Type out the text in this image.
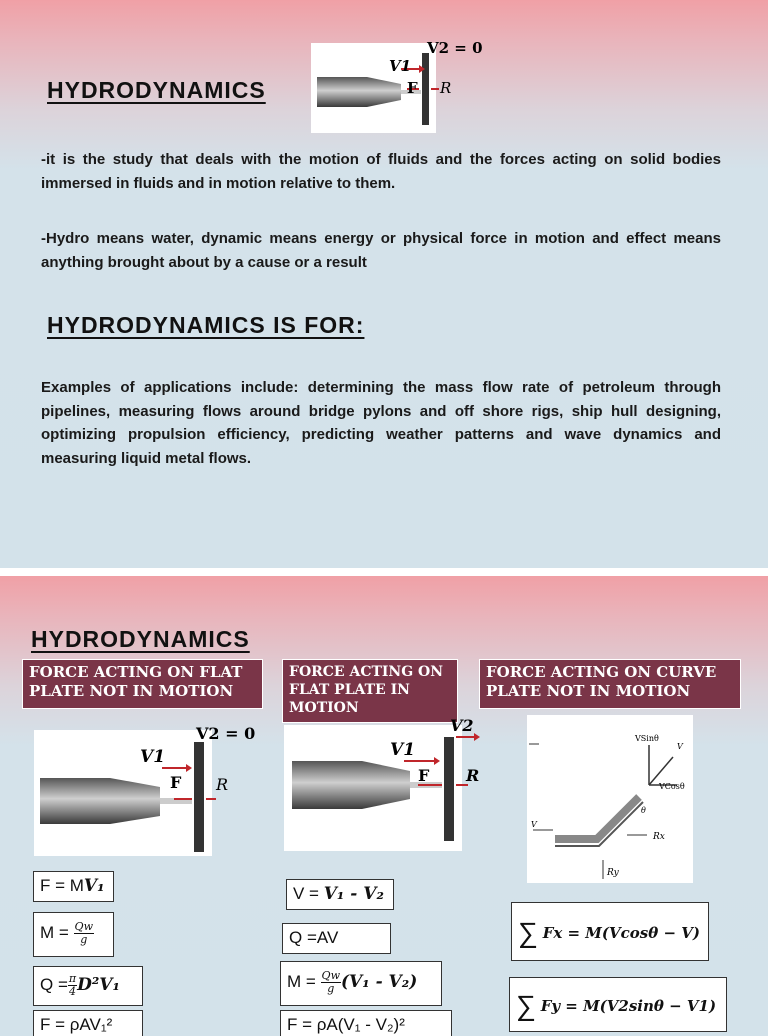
HYDRODYNAMICS
V1
V2 = 0
F R
-it is the study that deals with the motion of fluids and the forces acting on solid bodies immersed in fluids and in motion relative to them.
-Hydro means water, dynamic means energy or physical force in motion and effect means anything brought about by a cause or a result
HYDRODYNAMICS IS FOR:
Examples of applications include: determining the mass flow rate of petroleum through pipelines, measuring flows around bridge pylons and off shore rigs, ship hull designing, optimizing propulsion efficiency, predicting weather patterns and wave dynamics and measuring liquid metal flows.
HYDRODYNAMICS
FORCE ACTING ON FLAT PLATE NOT IN MOTION
FORCE ACTING ON FLAT PLATE IN MOTION
FORCE ACTING ON CURVE PLATE NOT IN MOTION
V1
V2 = 0
F R
V1
V2
F R
VSinθ
V
VCosθ
θ
V
Rx
Ry
F = MV₁
$M = \frac{Qw}{g}$
$Q = \frac{\pi}{4} D^2V_1$
F = ρAV₁²
V = V₁ - V₂
Q =AV
$M = \frac{Qw}{g} (V_1 - V_2)$
F = ρA(V₁ - V₂)²
∑ Fx = M(Vcosθ − V)
∑ Fy = M(V2sinθ − V1)
